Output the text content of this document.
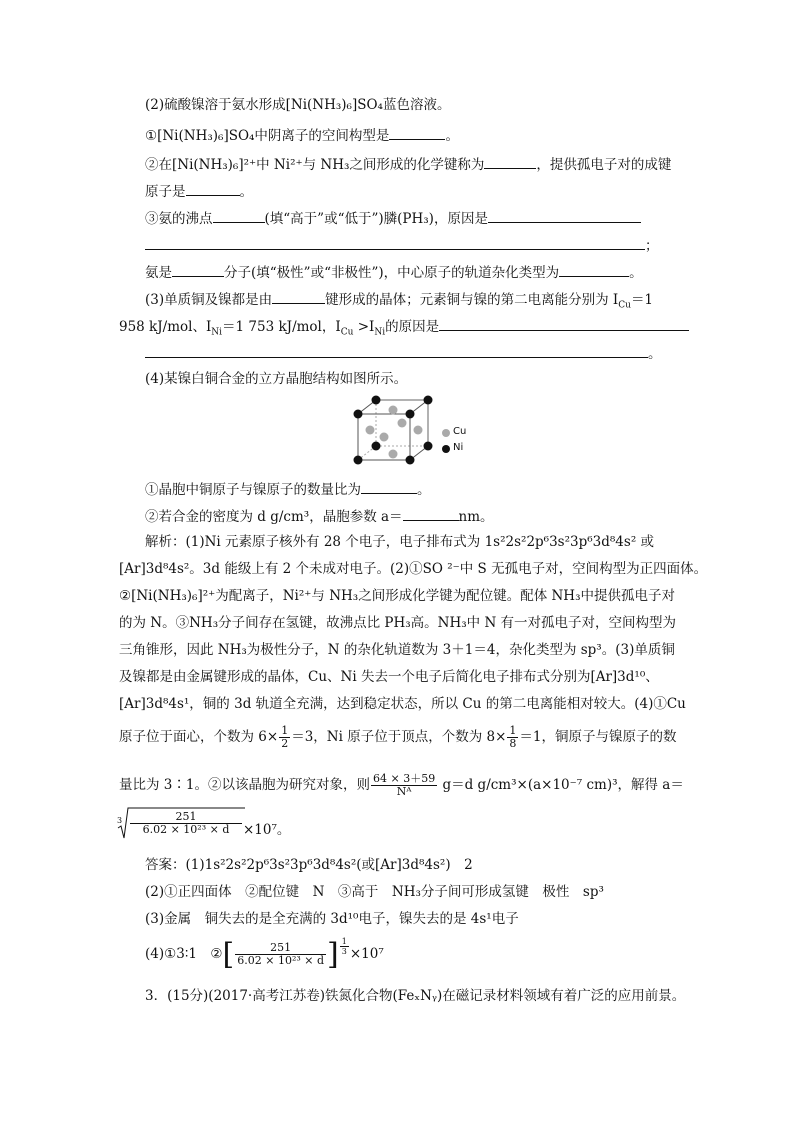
(2)硫酸镍溶于氨水形成[Ni(NH₃)₆]SO₄蓝色溶液。
①[Ni(NH₃)₆]SO₄中阴离子的空间构型是	。
②在[Ni(NH₃)₆]²⁺中 Ni²⁺与 NH₃之间形成的化学键称为	，提供孤电子对的成键
原子是	。
③氨的沸点	(填“高于”或“低于”)膦(PH₃)，原因是
；
氨是	分子(填“极性”或“非极性”)，中心原子的轨道杂化类型为	。
(3)单质铜及镍都是由	键形成的晶体；元素铜与镍的第二电离能分别为 $I_{Cu}=1$
958 kJ/mol、$I_{Ni}=1$ 753 kJ/mol，$I_{Cu} >I_{Ni}$的原因是
。
(4)某镍白铜合金的立方晶胞结构如图所示。
Cu
Ni
①晶胞中铜原子与镍原子的数量比为	。
②若合金的密度为 d g/cm³，晶胞参数 a＝	nm。
解析：(1)Ni 元素原子核外有 28 个电子，电子排布式为 1s²2s²2p⁶3s²3p⁶3d⁸4s² 或
[Ar]3d⁸4s²。3d 能级上有 2 个未成对电子。(2)①SO ²⁻中 S 无孤电子对，空间构型为正四面体。
②[Ni(NH₃)₆]²⁺为配离子，Ni²⁺与 NH₃之间形成化学键为配位键。配体 NH₃中提供孤电子对
的为 N。③NH₃分子间存在氢键，故沸点比 PH₃高。NH₃中 N 有一对孤电子对，空间构型为
三角锥形，因此 NH₃为极性分子，N 的杂化轨道数为 3＋1＝4，杂化类型为 sp³。(3)单质铜
及镍都是由金属键形成的晶体，Cu、Ni 失去一个电子后简化电子排布式分别为[Ar]3d¹⁰、
[Ar]3d⁸4s¹，铜的 3d 轨道全充满，达到稳定状态，所以 Cu 的第二电离能相对较大。(4)①Cu
原子位于面心，个数为 $6\times \frac{1}{2} =3$，Ni 原子位于顶点，个数为 $8\times \frac{1}{8} =1$，铜原子与镍原子的数
量比为 3∶1。②以该晶胞为研究对象，则 $\frac{64 \times 3+59}{\text{Nᴬ}} g=d$ g/cm³×(a×10⁻⁷ cm)³，解得 a＝
$3 \frac{251}{\text{6.02 × 10²³ × d}} \times 10^7$。
答案：(1)1s²2s²2p⁶3s²3p⁶3d⁸4s²(或[Ar]3d⁸4s²)　2
(2)①正四面体　②配位键　N　③高于　NH₃分子间可形成氢键　极性　sp³
(3)金属　铜失去的是全充满的 3d¹⁰电子，镍失去的是 4s¹电子
(4)①3∶1　②[ $\frac{251}{\text{6.02 × 10²³ × d}}$ ] $\frac{1}{3} \times 10^7$
3．(15分)(2017·高考江苏卷)铁氮化合物(FeₓNᵧ)在磁记录材料领域有着广泛的应用前景。
